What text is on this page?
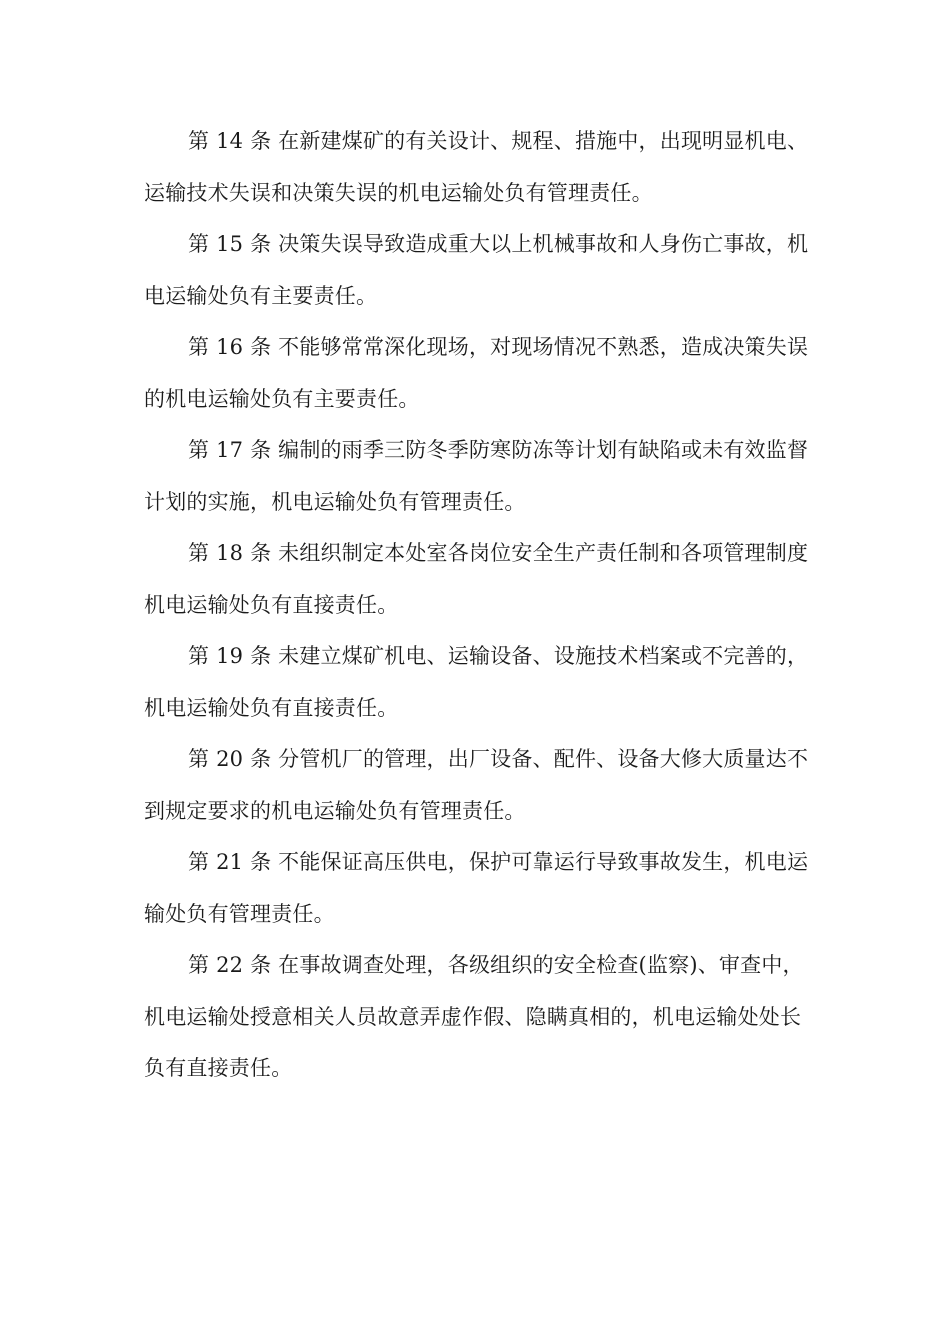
第 14 条 在新建煤矿的有关设计、规程、措施中，出现明显机电、运输技术失误和决策失误的机电运输处负有管理责任。

第 15 条 决策失误导致造成重大以上机械事故和人身伤亡事故，机电运输处负有主要责任。

第 16 条 不能够常常深化现场，对现场情况不熟悉，造成决策失误的机电运输处负有主要责任。

第 17 条 编制的雨季三防冬季防寒防冻等计划有缺陷或未有效监督计划的实施，机电运输处负有管理责任。

第 18 条 未组织制定本处室各岗位安全生产责任制和各项管理制度机电运输处负有直接责任。

第 19 条 未建立煤矿机电、运输设备、设施技术档案或不完善的，机电运输处负有直接责任。

第 20 条 分管机厂的管理，出厂设备、配件、设备大修大质量达不到规定要求的机电运输处负有管理责任。

第 21 条 不能保证高压供电，保护可靠运行导致事故发生，机电运输处负有管理责任。

第 22 条 在事故调查处理，各级组织的安全检查(监察)、审查中，机电运输处授意相关人员故意弄虚作假、隐瞒真相的，机电运输处处长负有直接责任。
